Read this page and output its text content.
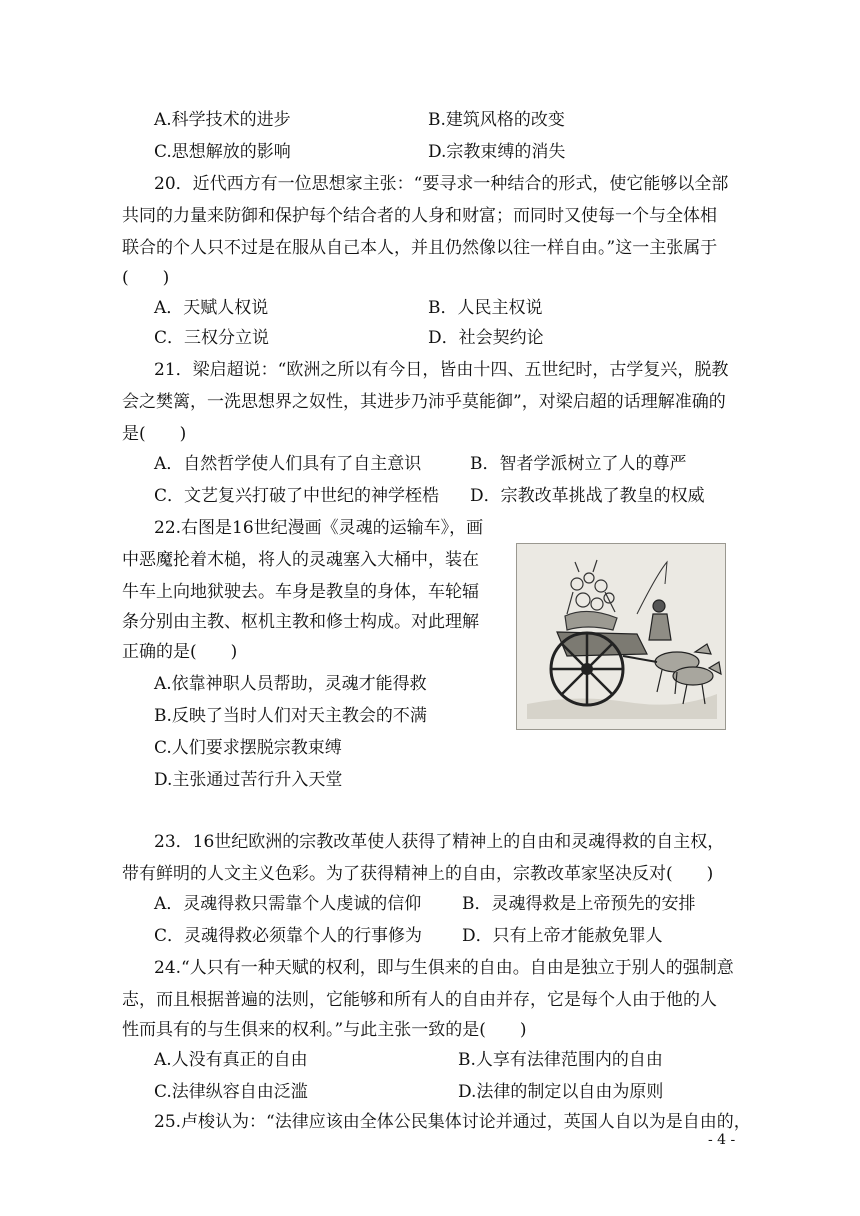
A.科学技术的进步	B.建筑风格的改变
C.思想解放的影响	D.宗教束缚的消失
20．近代西方有一位思想家主张：“要寻求一种结合的形式，使它能够以全部
共同的力量来防御和保护每个结合者的人身和财富；而同时又使每一个与全体相
联合的个人只不过是在服从自己本人，并且仍然像以往一样自由。”这一主张属于
(　　)
A．天赋人权说	B．人民主权说
C．三权分立说	D．社会契约论
21．梁启超说：“欧洲之所以有今日，皆由十四、五世纪时，古学复兴，脱教
会之樊篱，一洗思想界之奴性，其进步乃沛乎莫能御”，对梁启超的话理解准确的
是(　　)
A．自然哲学使人们具有了自主意识	B．智者学派树立了人的尊严
C．文艺复兴打破了中世纪的神学桎梏 D．宗教改革挑战了教皇的权威
22.右图是16世纪漫画《灵魂的运输车》，画
中恶魔抡着木槌，将人的灵魂塞入大桶中，装在
牛车上向地狱驶去。车身是教皇的身体，车轮辐
条分别由主教、枢机主教和修士构成。对此理解
正确的是(　　)
A.依靠神职人员帮助，灵魂才能得救
B.反映了当时人们对天主教会的不满
C.人们要求摆脱宗教束缚
D.主张通过苦行升入天堂
23．16世纪欧洲的宗教改革使人获得了精神上的自由和灵魂得救的自主权，
带有鲜明的人文主义色彩。为了获得精神上的自由，宗教改革家坚决反对(　　)
A．灵魂得救只需靠个人虔诚的信仰 B．灵魂得救是上帝预先的安排
C．灵魂得救必须靠个人的行事修为 D．只有上帝才能赦免罪人
24.“人只有一种天赋的权利，即与生俱来的自由。自由是独立于别人的强制意
志，而且根据普遍的法则，它能够和所有人的自由并存，它是每个人由于他的人
性而具有的与生俱来的权利。”与此主张一致的是(　　)
A.人没有真正的自由	B.人享有法律范围内的自由
C.法律纵容自由泛滥	D.法律的制定以自由为原则
25.卢梭认为：“法律应该由全体公民集体讨论并通过，英国人自以为是自由的，
- 4 -
